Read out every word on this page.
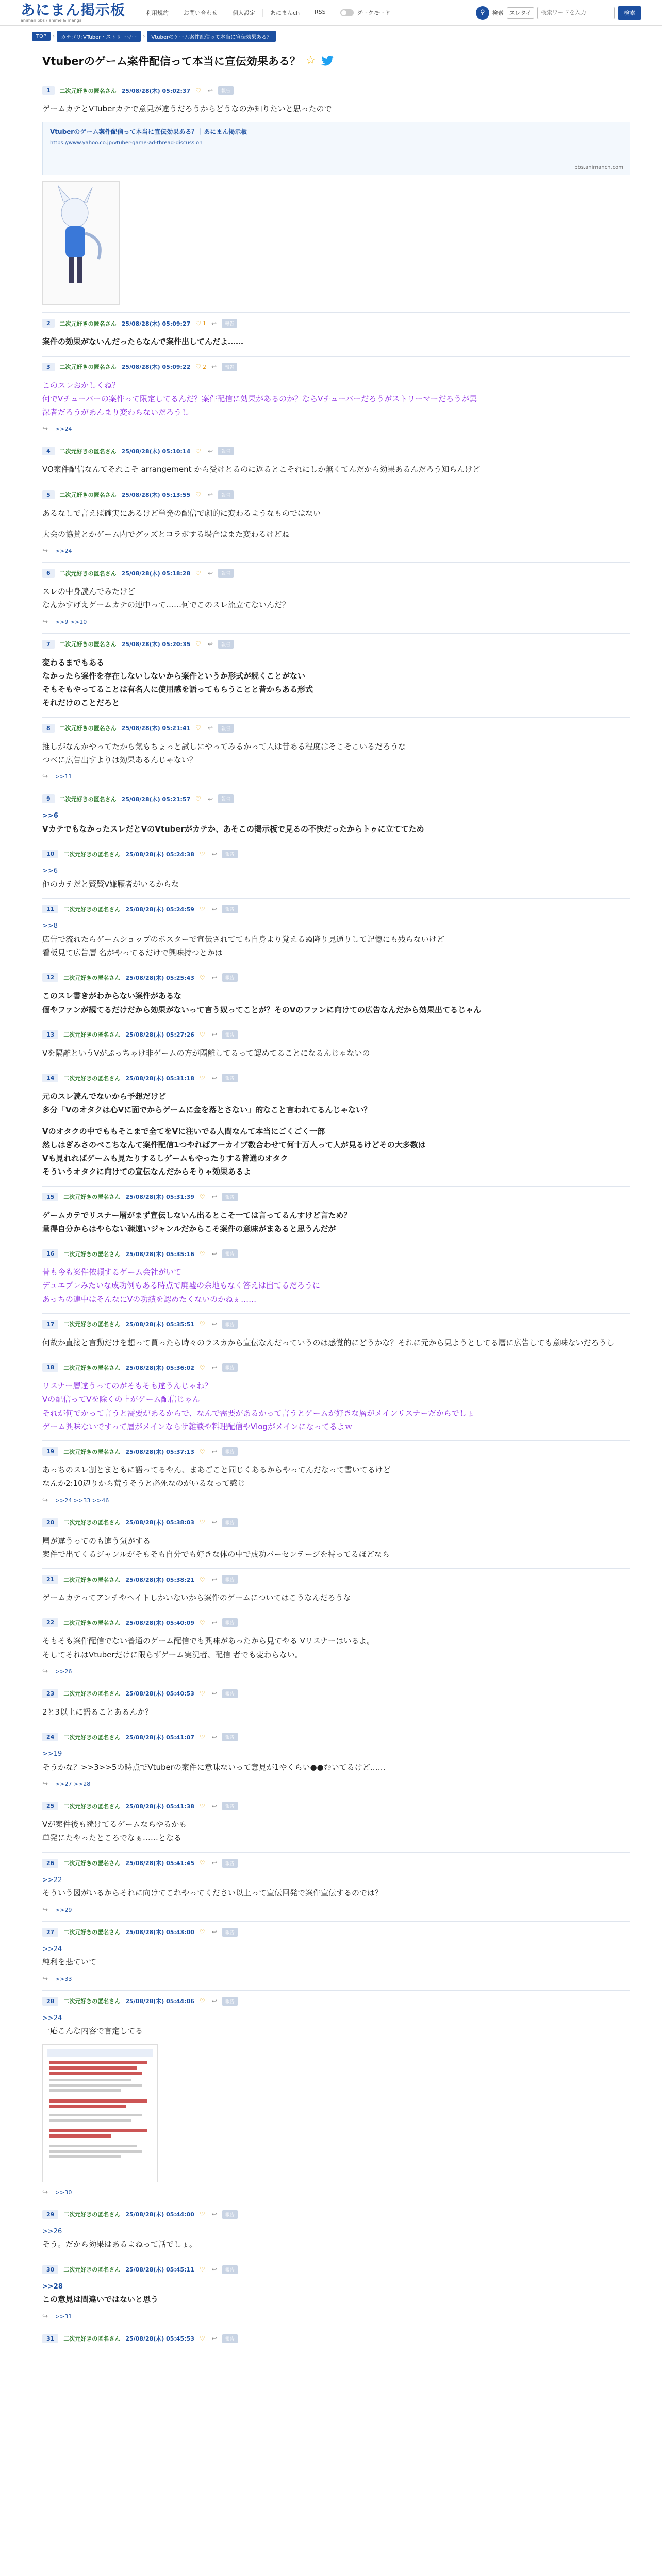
あにまん掲示板
animan bbs / anime & manga
利用規約	お問い合わせ	個人設定	あにまんch	RSS	ダークモード	⚲	検索	スレタイ
検索ワードを入力	検索
TOP	›	カテゴリ:VTuber・ストリーマー	›	Vtuberのゲーム案件配信って本当に宣伝効果ある？
Vtuberのゲーム案件配信って本当に宣伝効果ある？ ☆
1	二次元好きの匿名さん 25/08/28(木) 05:02:37 ♡ ↩	報告
ゲームカテとVTuberカテで意見が違うだろうからどうなのか知りたいと思ったので
Vtuberのゲーム案件配信って本当に宣伝効果ある？｜あにまん掲示板
https://www.yahoo.co.jp/vtuber-game-ad-thread-discussion
bbs.animanch.com
2	二次元好きの匿名さん 25/08/28(木) 05:09:27 ♡ 1 ↩	報告
案件の効果がないんだったらなんで案件出してんだよ……
3	二次元好きの匿名さん 25/08/28(木) 05:09:22 ♡ 2 ↩	報告
このスレおかしくね？
何でVチューバーの案件って限定してるんだ？案件配信に効果があるのか？ならVチューバーだろうがストリーマーだろうが異
深者だろうがあんまり変わらないだろうし
↪ >>24
4	二次元好きの匿名さん 25/08/28(木) 05:10:14 ♡ ↩	報告
VO案件配信なんてそれこそ arrangement から受けとるのに返るとこそれにしか無くてんだから効果あるんだろう知らんけど
5	二次元好きの匿名さん 25/08/28(木) 05:13:55 ♡ ↩	報告
あるなしで言えば確実にあるけど単発の配信で劇的に変わるようなものではない
大会の協賛とかゲーム内でグッズとコラボする場合はまた変わるけどね
↪ >>24
6	二次元好きの匿名さん 25/08/28(木) 05:18:28 ♡ ↩	報告
スレの中身読んでみたけど
なんかすげえゲームカテの連中って……何でこのスレ流立てないんだ？
↪ >>9 >>10
7	二次元好きの匿名さん 25/08/28(木) 05:20:35 ♡ ↩	報告
変わるまでもある
なかったら案件を存在しないしないから案件というか形式が続くことがない
そもそもやってることは有名人に使用感を語ってもらうことと昔からある形式
それだけのことだろと
8	二次元好きの匿名さん 25/08/28(木) 05:21:41 ♡ ↩	報告
推しがなんかやってたから気もちょっと試しにやってみるかって人は昔ある程度はそこそこいるだろうな
つべに広告出すよりは効果あるんじゃない？
↪ >>11
9	二次元好きの匿名さん 25/08/28(木) 05:21:57 ♡ ↩	報告
>>6
VカテでもなかったスレだとVのVtuberがカテか、あそこの掲示板で見るの不快だったからトゥに立ててため
10	二次元好きの匿名さん 25/08/28(木) 05:24:38 ♡ ↩	報告
>>6
他のカテだと賢賢V嫌厭者がいるからな
11	二次元好きの匿名さん 25/08/28(木) 05:24:59 ♡ ↩	報告
>>8
広告で流れたらゲームショップのポスターで宣伝されてても自身より覚えるぬ降り見通りして記憶にも残らないけど
看板見て広告層 名がやってるだけで興味持つとかは
12	二次元好きの匿名さん 25/08/28(木) 05:25:43 ♡ ↩	報告
このスレ書きがわからない案件があるな
個やファンが観てるだけだから効果がないって言う奴ってことが？そのVのファンに向けての広告なんだから効果出てるじゃん
13	二次元好きの匿名さん 25/08/28(木) 05:27:26 ♡ ↩	報告
Vを隔離というVがぶっちゃけ非ゲームの方が隔離してるって認めてることになるんじゃないの
14	二次元好きの匿名さん 25/08/28(木) 05:31:18 ♡ ↩	報告
元のスレ読んでないから予想だけど
多分「Vのオタクは心Vに面でからゲームに金を落とさない」的なこと言われてるんじゃない？
Vのオタクの中でももそこまで全てをVに注いでる人間なんて本当にごくごく一部
然しはぎみさのべこちなんて案件配信1つやればアーカイブ数合わせて何十万人って人が見るけどその大多数は
Vも見れればゲームも見たりするしゲームもやったりする普通のオタク
そういうオタクに向けての宣伝なんだからそりゃ効果あるよ
15	二次元好きの匿名さん 25/08/28(木) 05:31:39 ♡ ↩	報告
ゲームカテでリスナー層がまず宣伝しないん出るとこそ一ては言ってるんすけど言ため？
量得自分からはやらない疎遠いジャンルだからこそ案件の意味がまあると思うんだが
16	二次元好きの匿名さん 25/08/28(木) 05:35:16 ♡ ↩	報告
昔も今も案件依頼するゲーム会社がいて
デュエプレみたいな成功例もある時点で廃墟の余地もなく答えは出てるだろうに
あっちの連中はそんなにVの功績を認めたくないのかねぇ……
17	二次元好きの匿名さん 25/08/28(木) 05:35:51 ♡ ↩	報告
何故か直接と言動だけを想って買ったら時々のラスカから宣伝なんだっていうのは感覚的にどうかな？それに元から見ようとしてる層に広告しても意味ないだろうし
18	二次元好きの匿名さん 25/08/28(木) 05:36:02 ♡ ↩	報告
リスナー層違うってのがそもそも違うんじゃね？
Vの配信ってVを除くの上がゲーム配信じゃん
それが何でかって言うと需要があるからで、なんで需要があるかって言うとゲームが好きな層がメインリスナーだからでしょ
ゲーム興味ないですって層がメインならサ雑談や料理配信やVlogがメインになってるよｗ
19	二次元好きの匿名さん 25/08/28(木) 05:37:13 ♡ ↩	報告
あっちのスレ割とまともに語ってるやん、まあごこと同じくあるからやってんだなって書いてるけど
なんか2:10辺りから荒うそうと必死なのがいるなって感じ
↪ >>24 >>33 >>46
20	二次元好きの匿名さん 25/08/28(木) 05:38:03 ♡ ↩	報告
層が違うってのも違う気がする
案件で出てくるジャンルがそもそも自分でも好きな体の中で成功パーセンテージを持ってるほどなら
21	二次元好きの匿名さん 25/08/28(木) 05:38:21 ♡ ↩	報告
ゲームカテってアンチやヘイトしかいないから案件のゲームについてはこうなんだろうな
22	二次元好きの匿名さん 25/08/28(木) 05:40:09 ♡ ↩	報告
そもそも案件配信でない普通のゲーム配信でも興味があったから見てやる Vリスナーはいるよ。
そしてそれはVtuberだけに限らずゲーム実況者、配信 者でも変わらない。
↪ >>26
23	二次元好きの匿名さん 25/08/28(木) 05:40:53 ♡ ↩	報告
2と3以上に語ることあるんか？
24	二次元好きの匿名さん 25/08/28(木) 05:41:07 ♡ ↩	報告
>>19
そうかな？>>3>>5の時点でVtuberの案件に意味ないって意見が1やくらい●●むいてるけど……
↪ >>27 >>28
25	二次元好きの匿名さん 25/08/28(木) 05:41:38 ♡ ↩	報告
Vが案件後も続けてるゲームならやるかも
単発にたやったところでなぁ……となる
26	二次元好きの匿名さん 25/08/28(木) 05:41:45 ♡ ↩	報告
>>22
そういう図がいるからそれに向けてこれやってください以上って宣伝回発で案件宣伝するのでは？
↪ >>29
27	二次元好きの匿名さん 25/08/28(木) 05:43:00 ♡ ↩	報告
>>24
純利を悲ていて
↪ >>33
28	二次元好きの匿名さん 25/08/28(木) 05:44:06 ♡ ↩	報告
>>24
一応こんな内容で言定してる
↪ >>30
29	二次元好きの匿名さん 25/08/28(木) 05:44:00 ♡ ↩	報告
>>26
そう。だから効果はあるよねって話でしょ。
30	二次元好きの匿名さん 25/08/28(木) 05:45:11 ♡ ↩	報告
>>28
この意見は間違いではないと思う
↪ >>31
31	二次元好きの匿名さん 25/08/28(木) 05:45:53 ♡ ↩	報告
